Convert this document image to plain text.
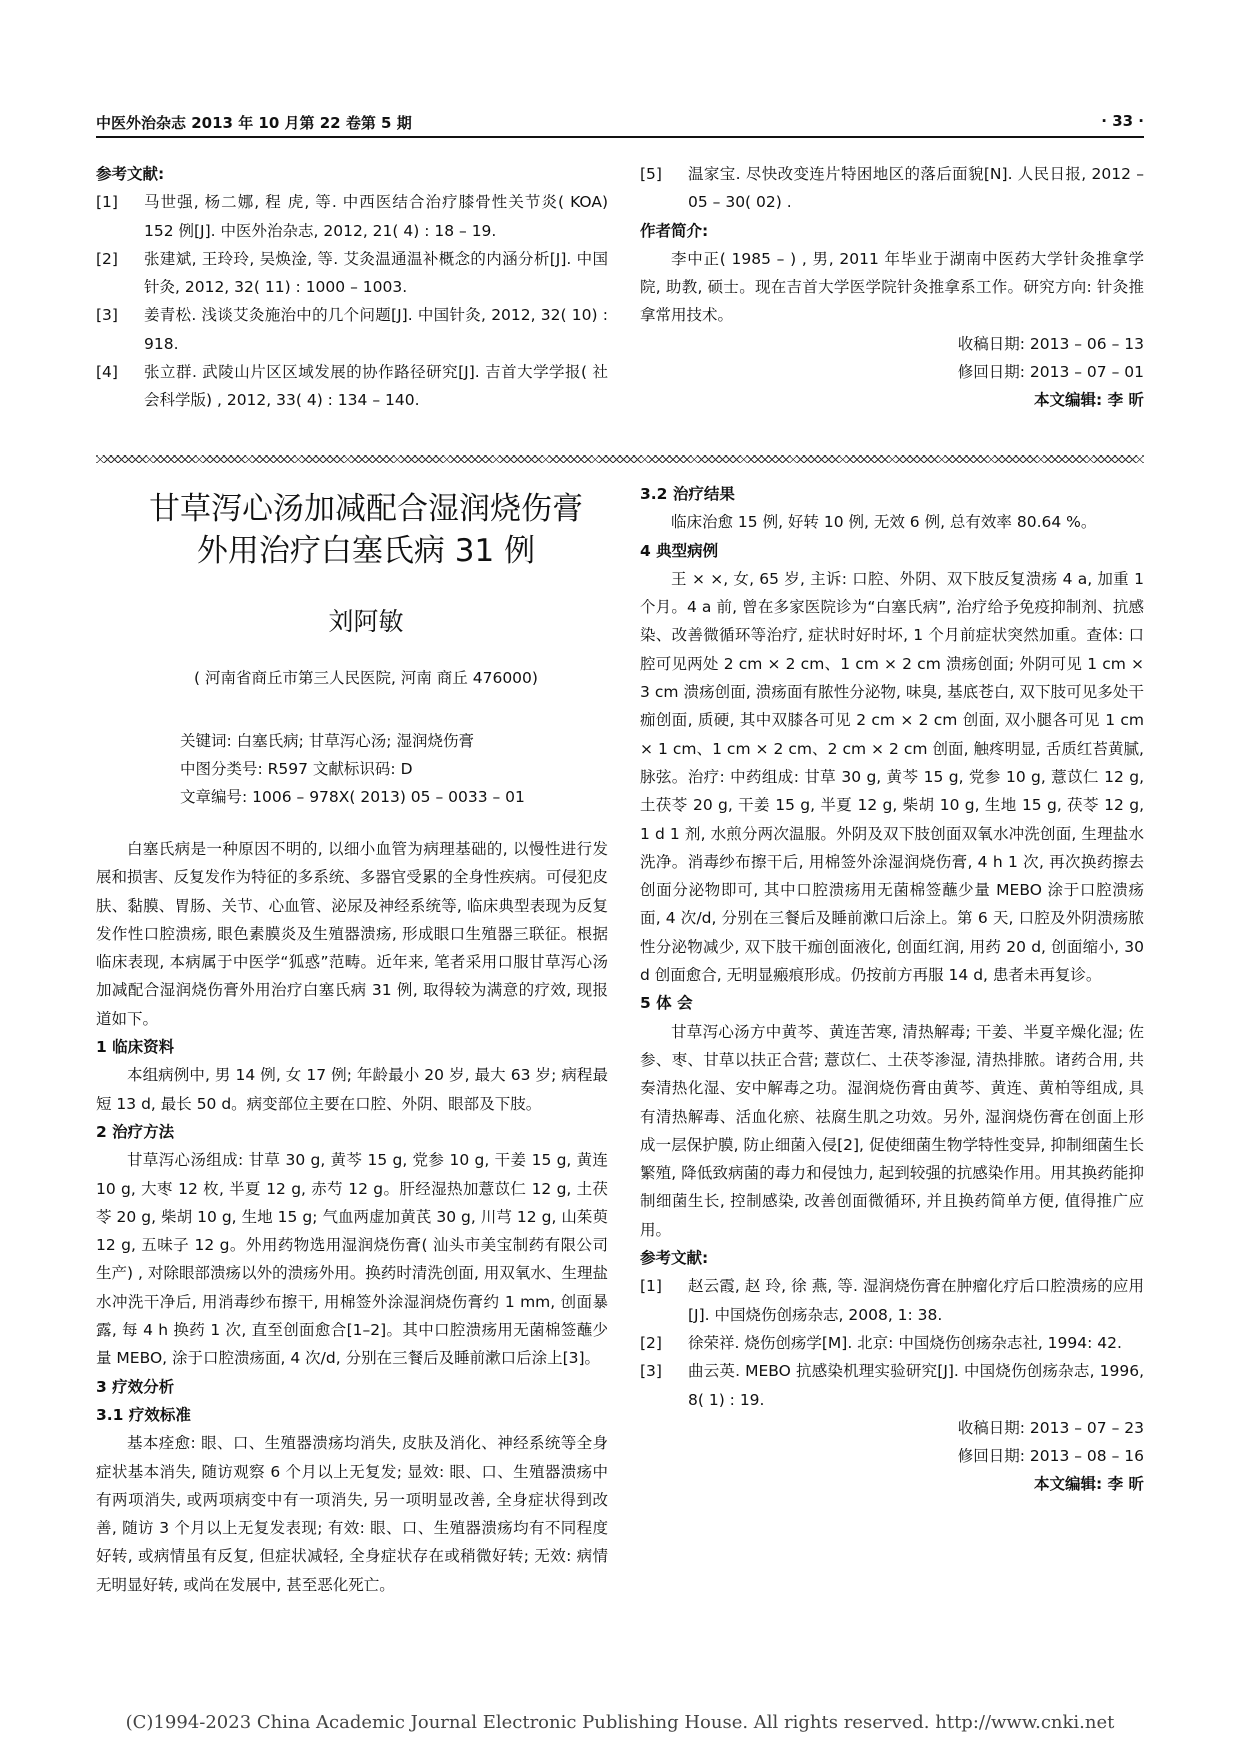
中医外治杂志 2013 年 10 月第 22 卷第 5 期	· 33 ·
参考文献:
[1]	马世强, 杨二娜, 程 虎, 等. 中西医结合治疗膝骨性关节炎( KOA) 152 例[J]. 中医外治杂志, 2012, 21( 4) : 18 – 19.
[2]	张建斌, 王玲玲, 吴焕淦, 等. 艾灸温通温补概念的内涵分析[J]. 中国针灸, 2012, 32( 11) : 1000 – 1003.
[3]	姜青松. 浅谈艾灸施治中的几个问题[J]. 中国针灸, 2012, 32( 10) : 918.
[4]	张立群. 武陵山片区区域发展的协作路径研究[J]. 吉首大学学报( 社会科学版) , 2012, 33( 4) : 134 – 140.
[5]	温家宝. 尽快改变连片特困地区的落后面貌[N]. 人民日报, 2012 – 05 – 30( 02) .
作者简介:
李中正( 1985 – ) , 男, 2011 年毕业于湖南中医药大学针灸推拿学院, 助教, 硕士。现在吉首大学医学院针灸推拿系工作。研究方向: 针灸推拿常用技术。
收稿日期: 2013 – 06 – 13
修回日期: 2013 – 07 – 01
本文编辑: 李 昕
甘草泻心汤加减配合湿润烧伤膏
外用治疗白塞氏病 31 例
刘阿敏
( 河南省商丘市第三人民医院, 河南 商丘 476000)
关键词: 白塞氏病; 甘草泻心汤; 湿润烧伤膏
中图分类号: R597 文献标识码: D
文章编号: 1006 – 978X( 2013) 05 – 0033 – 01
白塞氏病是一种原因不明的, 以细小血管为病理基础的, 以慢性进行发展和损害、反复发作为特征的多系统、多器官受累的全身性疾病。可侵犯皮肤、黏膜、胃肠、关节、心血管、泌尿及神经系统等, 临床典型表现为反复发作性口腔溃疡, 眼色素膜炎及生殖器溃疡, 形成眼口生殖器三联征。根据临床表现, 本病属于中医学“狐惑”范畴。近年来, 笔者采用口服甘草泻心汤加减配合湿润烧伤膏外用治疗白塞氏病 31 例, 取得较为满意的疗效, 现报道如下。
1 临床资料
本组病例中, 男 14 例, 女 17 例; 年龄最小 20 岁, 最大 63 岁; 病程最短 13 d, 最长 50 d。病变部位主要在口腔、外阴、眼部及下肢。
2 治疗方法
甘草泻心汤组成: 甘草 30 g, 黄芩 15 g, 党参 10 g, 干姜 15 g, 黄连 10 g, 大枣 12 枚, 半夏 12 g, 赤芍 12 g。肝经湿热加薏苡仁 12 g, 土茯苓 20 g, 柴胡 10 g, 生地 15 g; 气血两虚加黄芪 30 g, 川芎 12 g, 山茱萸 12 g, 五味子 12 g。外用药物选用湿润烧伤膏( 汕头市美宝制药有限公司生产) , 对除眼部溃疡以外的溃疡外用。换药时清洗创面, 用双氧水、生理盐水冲洗干净后, 用消毒纱布擦干, 用棉签外涂湿润烧伤膏约 1 mm, 创面暴露, 每 4 h 换药 1 次, 直至创面愈合[1–2]。其中口腔溃疡用无菌棉签蘸少量 MEBO, 涂于口腔溃疡面, 4 次/d, 分别在三餐后及睡前漱口后涂上[3]。
3 疗效分析
3.1 疗效标准
基本痊愈: 眼、口、生殖器溃疡均消失, 皮肤及消化、神经系统等全身症状基本消失, 随访观察 6 个月以上无复发; 显效: 眼、口、生殖器溃疡中有两项消失, 或两项病变中有一项消失, 另一项明显改善, 全身症状得到改善, 随访 3 个月以上无复发表现; 有效: 眼、口、生殖器溃疡均有不同程度好转, 或病情虽有反复, 但症状减轻, 全身症状存在或稍微好转; 无效: 病情无明显好转, 或尚在发展中, 甚至恶化死亡。
3.2 治疗结果
临床治愈 15 例, 好转 10 例, 无效 6 例, 总有效率 80.64 %。
4 典型病例
王 × ×, 女, 65 岁, 主诉: 口腔、外阴、双下肢反复溃疡 4 a, 加重 1 个月。4 a 前, 曾在多家医院诊为“白塞氏病”, 治疗给予免疫抑制剂、抗感染、改善微循环等治疗, 症状时好时坏, 1 个月前症状突然加重。查体: 口腔可见两处 2 cm × 2 cm、1 cm × 2 cm 溃疡创面; 外阴可见 1 cm × 3 cm 溃疡创面, 溃疡面有脓性分泌物, 味臭, 基底苍白, 双下肢可见多处干痂创面, 质硬, 其中双膝各可见 2 cm × 2 cm 创面, 双小腿各可见 1 cm × 1 cm、1 cm × 2 cm、2 cm × 2 cm 创面, 触疼明显, 舌质红苔黄腻, 脉弦。治疗: 中药组成: 甘草 30 g, 黄芩 15 g, 党参 10 g, 薏苡仁 12 g, 土茯苓 20 g, 干姜 15 g, 半夏 12 g, 柴胡 10 g, 生地 15 g, 茯苓 12 g, 1 d 1 剂, 水煎分两次温服。外阴及双下肢创面双氧水冲洗创面, 生理盐水洗净。消毒纱布擦干后, 用棉签外涂湿润烧伤膏, 4 h 1 次, 再次换药擦去创面分泌物即可, 其中口腔溃疡用无菌棉签蘸少量 MEBO 涂于口腔溃疡面, 4 次/d, 分别在三餐后及睡前漱口后涂上。第 6 天, 口腔及外阴溃疡脓性分泌物减少, 双下肢干痂创面液化, 创面红润, 用药 20 d, 创面缩小, 30 d 创面愈合, 无明显瘢痕形成。仍按前方再服 14 d, 患者未再复诊。
5 体 会
甘草泻心汤方中黄芩、黄连苦寒, 清热解毒; 干姜、半夏辛燥化湿; 佐参、枣、甘草以扶正合营; 薏苡仁、土茯苓渗湿, 清热排脓。诸药合用, 共奏清热化湿、安中解毒之功。湿润烧伤膏由黄芩、黄连、黄柏等组成, 具有清热解毒、活血化瘀、祛腐生肌之功效。另外, 湿润烧伤膏在创面上形成一层保护膜, 防止细菌入侵[2], 促使细菌生物学特性变异, 抑制细菌生长繁殖, 降低致病菌的毒力和侵蚀力, 起到较强的抗感染作用。用其换药能抑制细菌生长, 控制感染, 改善创面微循环, 并且换药简单方便, 值得推广应用。
参考文献:
[1]	赵云霞, 赵 玲, 徐 燕, 等. 湿润烧伤膏在肿瘤化疗后口腔溃疡的应用[J]. 中国烧伤创疡杂志, 2008, 1: 38.
[2]	徐荣祥. 烧伤创疡学[M]. 北京: 中国烧伤创疡杂志社, 1994: 42.
[3]	曲云英. MEBO 抗感染机理实验研究[J]. 中国烧伤创疡杂志, 1996, 8( 1) : 19.
收稿日期: 2013 – 07 – 23
修回日期: 2013 – 08 – 16
本文编辑: 李 昕
(C)1994-2023 China Academic Journal Electronic Publishing House. All rights reserved. http://www.cnki.net
